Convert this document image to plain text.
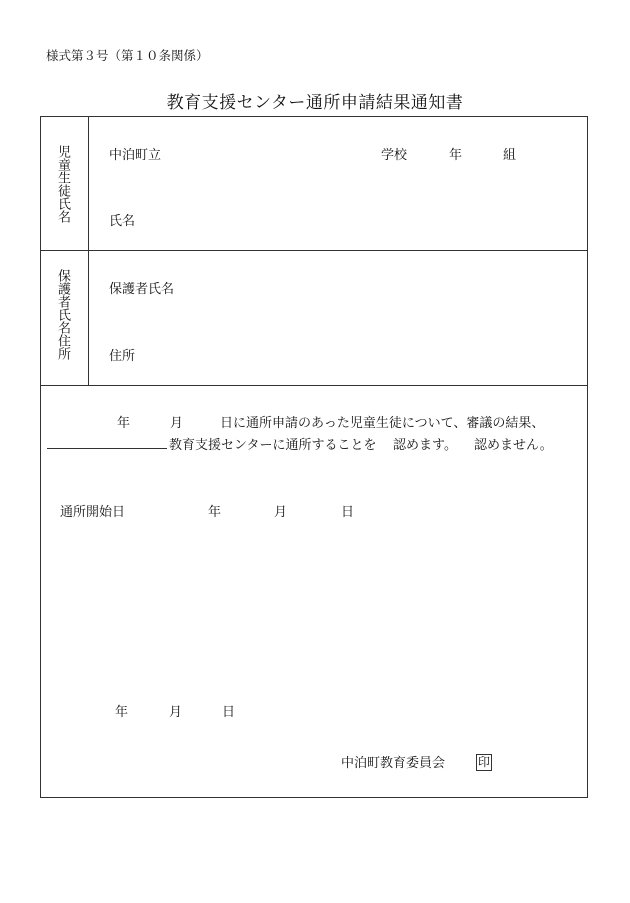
様式第３号（第１０条関係）
教育支援センター通所申請結果通知書
児童生徒氏名	中泊町立	学校	年	組
氏名
保護者氏名住所	保護者氏名
住所
年	月	日に通所申請のあった児童生徒について、審議の結果、
教育支援センターに通所することを 認めます。 認めません。
通所開始日	年	月	日
年	月	日
中泊町教育委員会	印
